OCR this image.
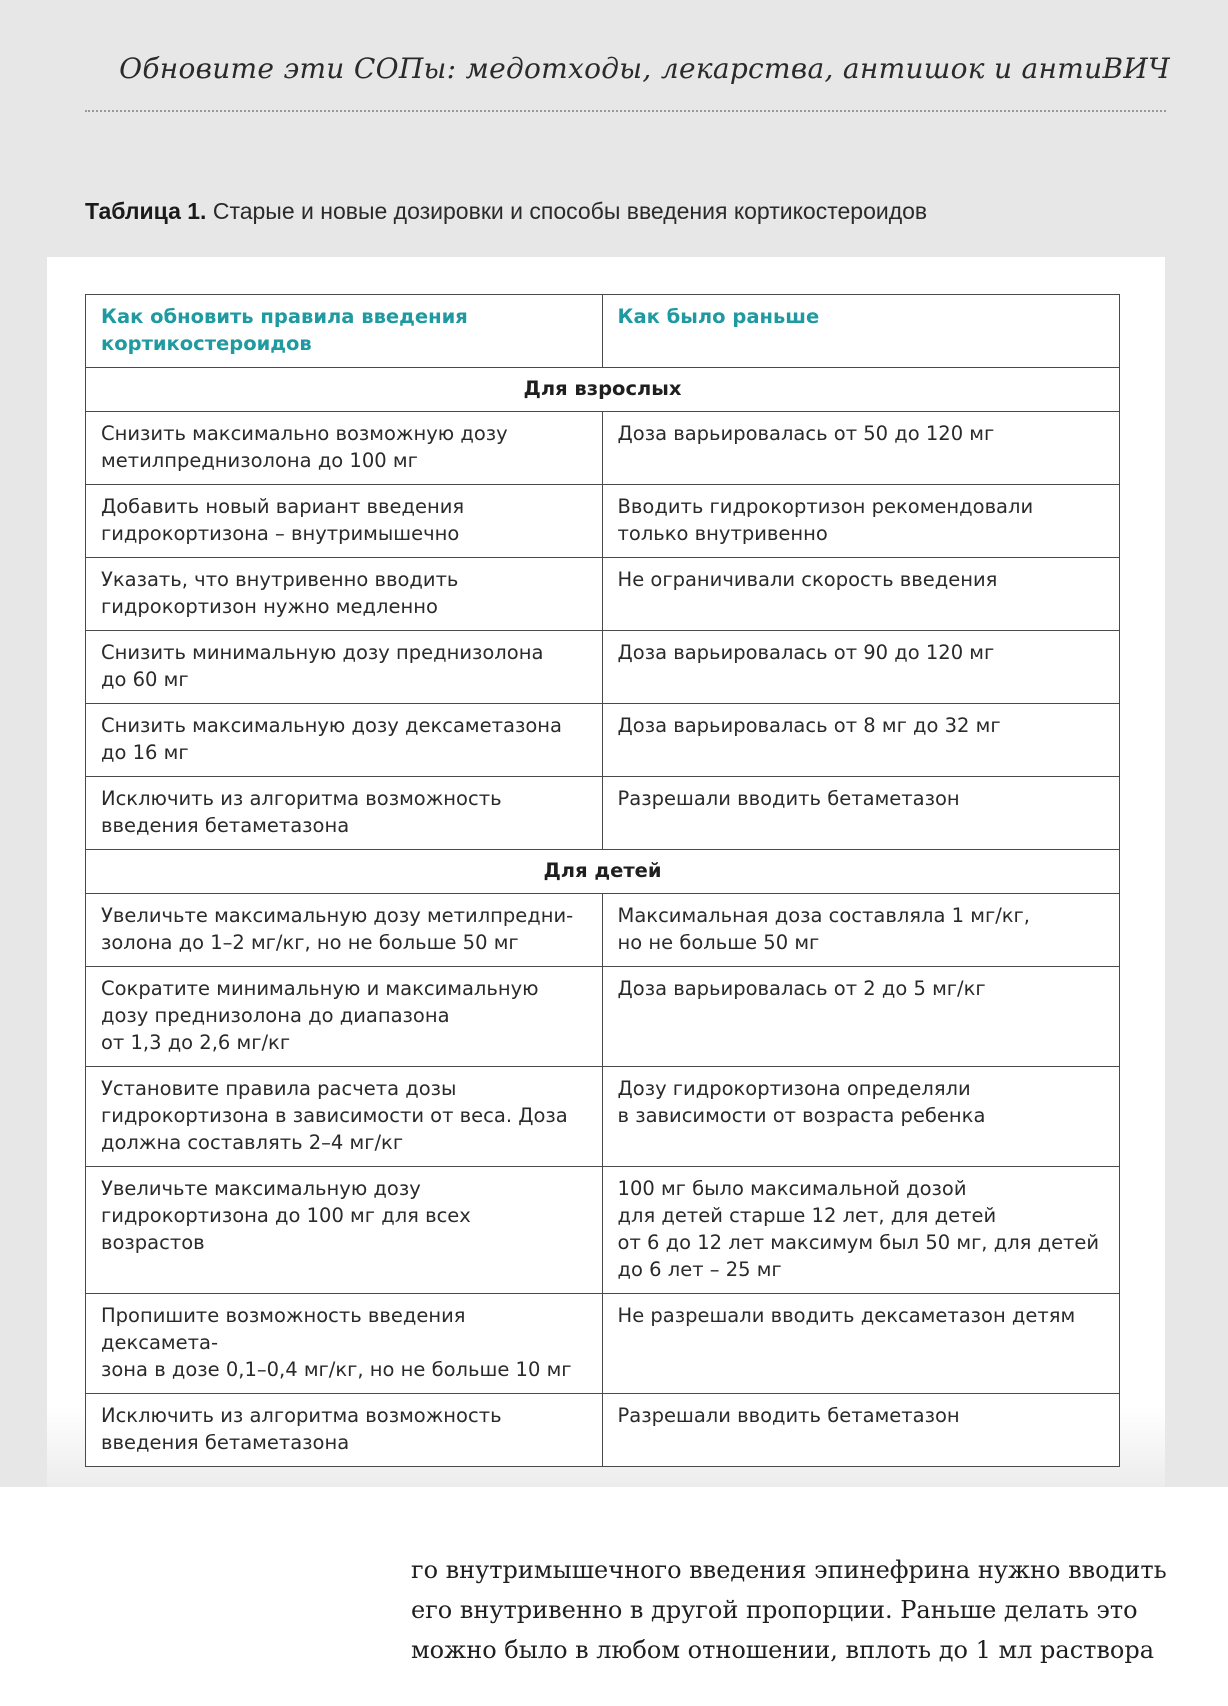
Обновите эти СОПы: медотходы, лекарства, антишок и антиВИЧ
Таблица 1. Старые и новые дозировки и способы введения кортикостероидов
Как обновить правила введения
кортикостероидов	Как было раньше
Для взрослых	
Снизить максимально возможную дозу
метилпреднизолона до 100 мг	Доза варьировалась от 50 до 120 мг
Добавить новый вариант введения
гидрокортизона – внутримышечно	Вводить гидрокортизон рекомендовали
только внутривенно
Указать, что внутривенно вводить
гидрокортизон нужно медленно	Не ограничивали скорость введения
Снизить минимальную дозу преднизолона
до 60 мг	Доза варьировалась от 90 до 120 мг
Снизить максимальную дозу дексаметазона
до 16 мг	Доза варьировалась от 8 мг до 32 мг
Исключить из алгоритма возможность
введения бетаметазона	Разрешали вводить бетаметазон
Для детей	
Увеличьте максимальную дозу метилпредни-
золона до 1–2 мг/кг, но не больше 50 мг	Максимальная доза составляла 1 мг/кг,
но не больше 50 мг
Сократите минимальную и максимальную
дозу преднизолона до диапазона
от 1,3 до 2,6 мг/кг	Доза варьировалась от 2 до 5 мг/кг
Установите правила расчета дозы
гидрокортизона в зависимости от веса. Доза
должна составлять 2–4 мг/кг	Дозу гидрокортизона определяли
в зависимости от возраста ребенка
Увеличьте максимальную дозу
гидрокортизона до 100 мг для всех
возрастов	100 мг было максимальной дозой
для детей старше 12 лет, для детей
от 6 до 12 лет максимум был 50 мг, для детей
до 6 лет – 25 мг
Пропишите возможность введения дексамета-
зона в дозе 0,1–0,4 мг/кг, но не больше 10 мг	Не разрешали вводить дексаметазон детям
Исключить из алгоритма возможность
введения бетаметазона	Разрешали вводить бетаметазон
го внутримышечного введения эпинефрина нужно вводить
его внутривенно в другой пропорции. Раньше делать это
можно было в любом отношении, вплоть до 1 мл раствора
